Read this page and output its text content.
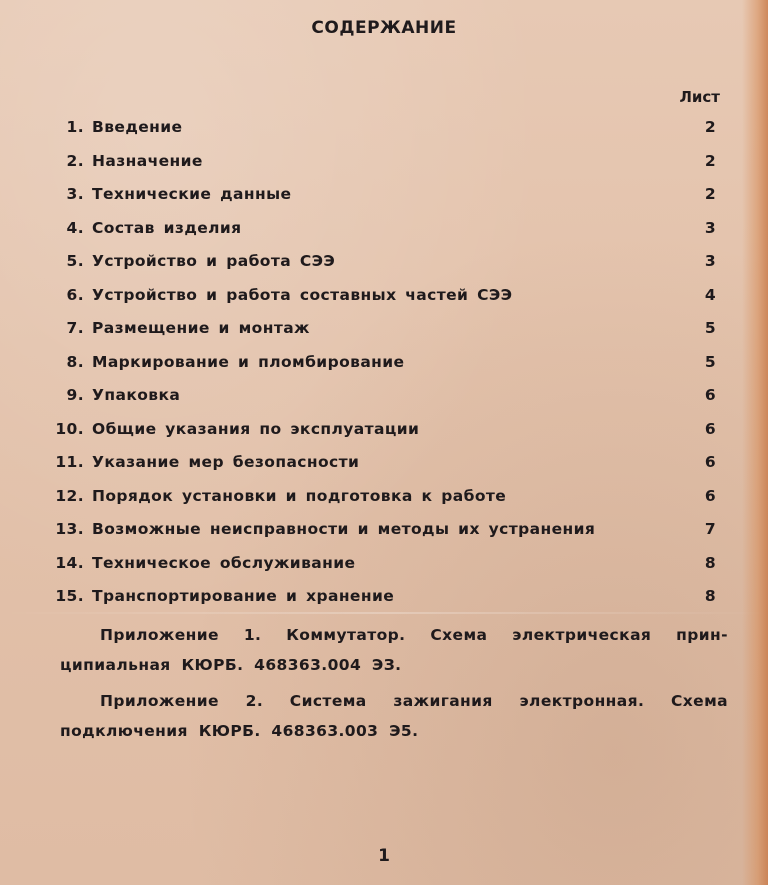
СОДЕРЖАНИЕ
Лист
1. Введение	2
2. Назначение	2
3. Технические данные	2
4. Состав изделия	3
5. Устройство и работа СЭЭ	3
6. Устройство и работа составных частей СЭЭ	4
7. Размещение и монтаж	5
8. Маркирование и пломбирование	5
9. Упаковка	6
10. Общие указания по эксплуатации	6
11. Указание мер безопасности	6
12. Порядок установки и подготовка к работе	6
13. Возможные неисправности и методы их устранения	7
14. Техническое обслуживание	8
15. Транспортирование и хранение	8
Приложение 1. Коммутатор. Схема электрическая прин-
ципиальная КЮРБ. 468363.004 ЭЗ.
Приложение 2. Система зажигания электронная. Схема
подключения КЮРБ. 468363.003 Э5.
1
